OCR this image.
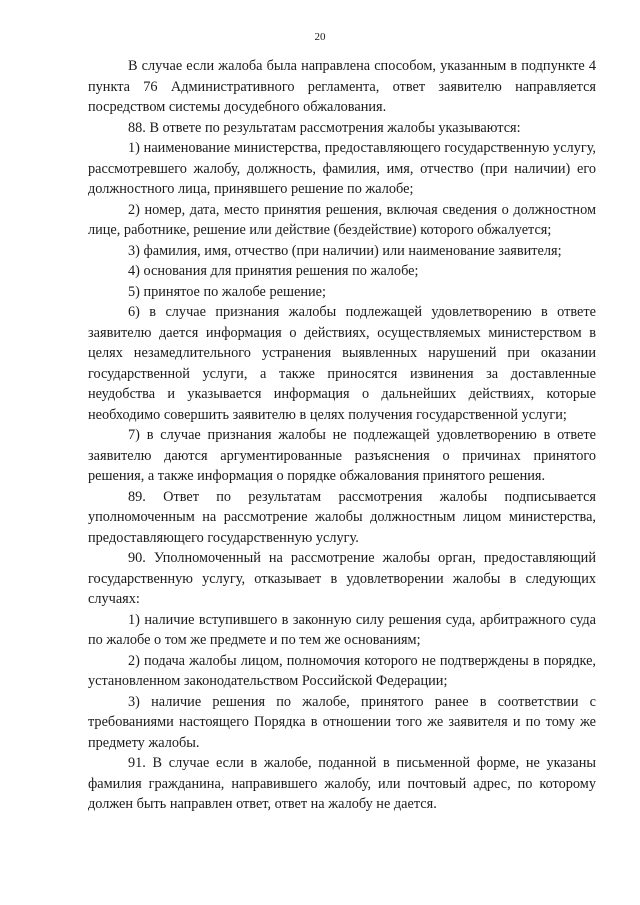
20

В случае если жалоба была направлена способом, указанным в подпункте 4 пункта 76 Административного регламента, ответ заявителю направляется посредством системы досудебного обжалования.

88. В ответе по результатам рассмотрения жалобы указываются:

1) наименование министерства, предоставляющего государственную услугу, рассмотревшего жалобу, должность, фамилия, имя, отчество (при наличии) его должностного лица, принявшего решение по жалобе;

2) номер, дата, место принятия решения, включая сведения о должностном лице, работнике, решение или действие (бездействие) которого обжалуется;

3) фамилия, имя, отчество (при наличии) или наименование заявителя;

4) основания для принятия решения по жалобе;

5) принятое по жалобе решение;

6) в случае признания жалобы подлежащей удовлетворению в ответе заявителю дается информация о действиях, осуществляемых министерством в целях незамедлительного устранения выявленных нарушений при оказании государственной услуги, а также приносятся извинения за доставленные неудобства и указывается информация о дальнейших действиях, которые необходимо совершить заявителю в целях получения государственной услуги;

7) в случае признания жалобы не подлежащей удовлетворению в ответе заявителю даются аргументированные разъяснения о причинах принятого решения, а также информация о порядке обжалования принятого решения.

89. Ответ по результатам рассмотрения жалобы подписывается уполномоченным на рассмотрение жалобы должностным лицом министерства, предоставляющего государственную услугу.

90. Уполномоченный на рассмотрение жалобы орган, предоставляющий государственную услугу, отказывает в удовлетворении жалобы в следующих случаях:

1) наличие вступившего в законную силу решения суда, арбитражного суда по жалобе о том же предмете и по тем же основаниям;

2) подача жалобы лицом, полномочия которого не подтверждены в порядке, установленном законодательством Российской Федерации;

3) наличие решения по жалобе, принятого ранее в соответствии с требованиями настоящего Порядка в отношении того же заявителя и по тому же предмету жалобы.

91. В случае если в жалобе, поданной в письменной форме, не указаны фамилия гражданина, направившего жалобу, или почтовый адрес, по которому должен быть направлен ответ, ответ на жалобу не дается.
